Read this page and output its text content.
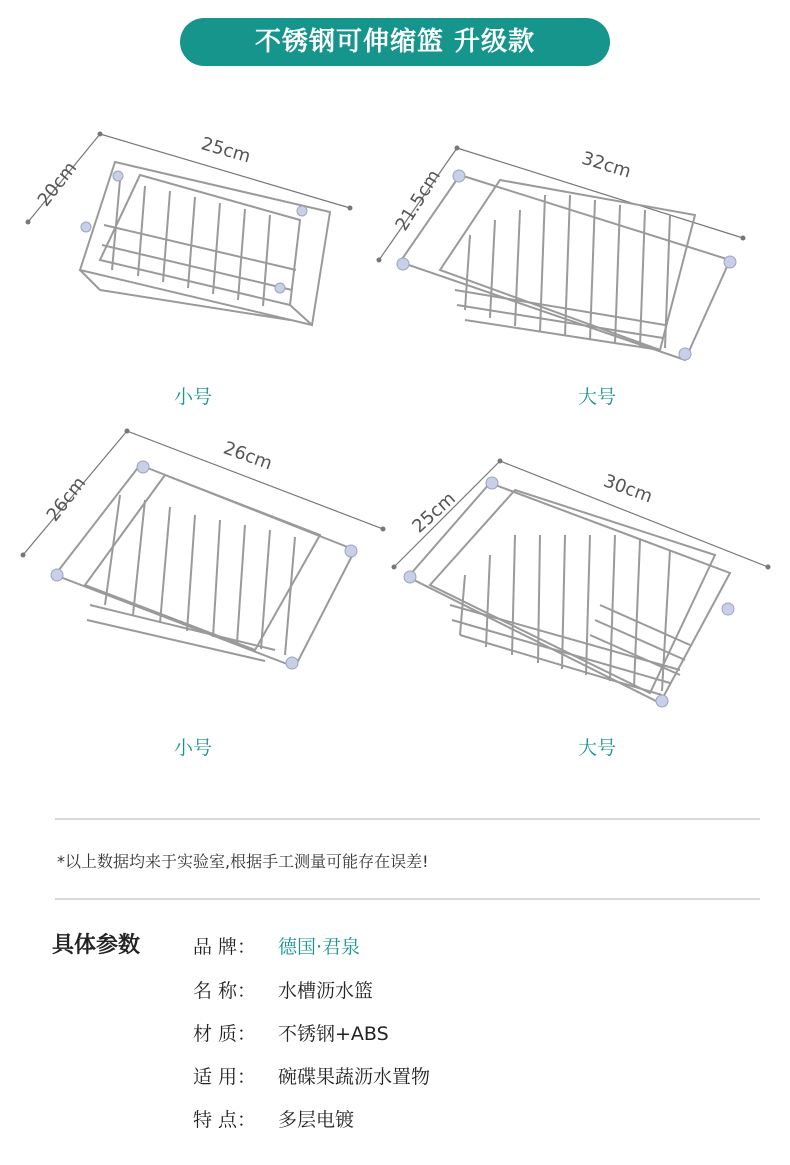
不锈钢可伸缩篮 升级款
25cm
20cm
小号
32cm
21.5cm
大号
26cm
26cm
小号
30cm
25cm
大号
*以上数据均来于实验室,根据手工测量可能存在误差!
具体参数	品 牌：	德国·君泉
名 称：	水槽沥水篮
材 质：	不锈钢+ABS
适 用：	碗碟果蔬沥水置物
特 点：	多层电镀
